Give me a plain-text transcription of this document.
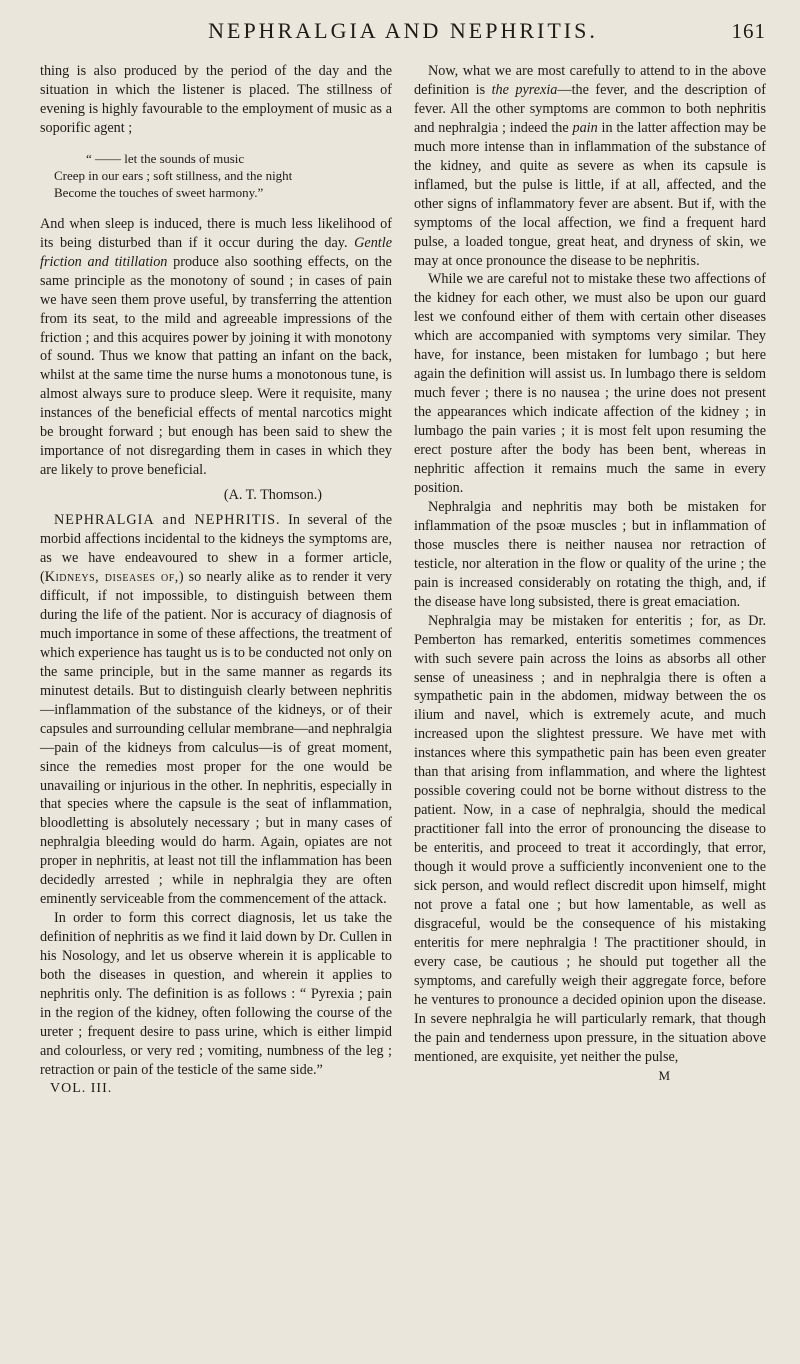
NEPHRALGIA AND NEPHRITIS.	161

thing is also produced by the period of the day and the situation in which the listener is placed. The stillness of evening is highly favourable to the employment of music as a soporific agent ;

“ —— let the sounds of music
Creep in our ears ; soft stillness, and the night
Become the touches of sweet harmony.”

And when sleep is induced, there is much less likelihood of its being disturbed than if it occur during the day. Gentle friction and titillation produce also soothing effects, on the same principle as the monotony of sound ; in cases of pain we have seen them prove useful, by transferring the attention from its seat, to the mild and agreeable impressions of the friction ; and this acquires power by joining it with monotony of sound. Thus we know that patting an infant on the back, whilst at the same time the nurse hums a monotonous tune, is almost always sure to produce sleep. Were it requisite, many instances of the beneficial effects of mental narcotics might be brought forward ; but enough has been said to shew the importance of not disregarding them in cases in which they are likely to prove beneficial.

(A. T. Thomson.)

NEPHRALGIA and NEPHRITIS. In several of the morbid affections incidental to the kidneys the symptoms are, as we have endeavoured to shew in a former article, (Kidneys, diseases of,) so nearly alike as to render it very difficult, if not impossible, to distinguish between them during the life of the patient. Nor is accuracy of diagnosis of much importance in some of these affections, the treatment of which experience has taught us is to be conducted not only on the same principle, but in the same manner as regards its minutest details. But to distinguish clearly between nephritis—inflammation of the substance of the kidneys, or of their capsules and surrounding cellular membrane—and nephralgia—pain of the kidneys from calculus—is of great moment, since the remedies most proper for the one would be unavailing or injurious in the other. In nephritis, especially in that species where the capsule is the seat of inflammation, bloodletting is absolutely necessary ; but in many cases of nephralgia bleeding would do harm. Again, opiates are not proper in nephritis, at least not till the inflammation has been decidedly arrested ; while in nephralgia they are often eminently serviceable from the commencement of the attack.

In order to form this correct diagnosis, let us take the definition of nephritis as we find it laid down by Dr. Cullen in his Nosology, and let us observe wherein it is applicable to both the diseases in question, and wherein it applies to nephritis only. The definition is as follows : “ Pyrexia ; pain in the region of the kidney, often following the course of the ureter ; frequent desire to pass urine, which is either limpid and colourless, or very red ; vomiting, numbness of the leg ; retraction or pain of the testicle of the same side.”

VOL. III.

Now, what we are most carefully to attend to in the above definition is the pyrexia—the fever, and the description of fever. All the other symptoms are common to both nephritis and nephralgia ; indeed the pain in the latter affection may be much more intense than in inflammation of the substance of the kidney, and quite as severe as when its capsule is inflamed, but the pulse is little, if at all, affected, and the other signs of inflammatory fever are absent. But if, with the symptoms of the local affection, we find a frequent hard pulse, a loaded tongue, great heat, and dryness of skin, we may at once pronounce the disease to be nephritis.

While we are careful not to mistake these two affections of the kidney for each other, we must also be upon our guard lest we confound either of them with certain other diseases which are accompanied with symptoms very similar. They have, for instance, been mistaken for lumbago ; but here again the definition will assist us. In lumbago there is seldom much fever ; there is no nausea ; the urine does not present the appearances which indicate affection of the kidney ; in lumbago the pain varies ; it is most felt upon resuming the erect posture after the body has been bent, whereas in nephritic affection it remains much the same in every position.

Nephralgia and nephritis may both be mistaken for inflammation of the psoæ muscles ; but in inflammation of those muscles there is neither nausea nor retraction of testicle, nor alteration in the flow or quality of the urine ; the pain is increased considerably on rotating the thigh, and, if the disease have long subsisted, there is great emaciation.

Nephralgia may be mistaken for enteritis ; for, as Dr. Pemberton has remarked, enteritis sometimes commences with such severe pain across the loins as absorbs all other sense of uneasiness ; and in nephralgia there is often a sympathetic pain in the abdomen, midway between the os ilium and navel, which is extremely acute, and much increased upon the slightest pressure. We have met with instances where this sympathetic pain has been even greater than that arising from inflammation, and where the lightest possible covering could not be borne without distress to the patient. Now, in a case of nephralgia, should the medical practitioner fall into the error of pronouncing the disease to be enteritis, and proceed to treat it accordingly, that error, though it would prove a sufficiently inconvenient one to the sick person, and would reflect discredit upon himself, might not prove a fatal one ; but how lamentable, as well as disgraceful, would be the consequence of his mistaking enteritis for mere nephralgia ! The practitioner should, in every case, be cautious ; he should put together all the symptoms, and carefully weigh their aggregate force, before he ventures to pronounce a decided opinion upon the disease. In severe nephralgia he will particularly remark, that though the pain and tenderness upon pressure, in the situation above mentioned, are exquisite, yet neither the pulse,

M
